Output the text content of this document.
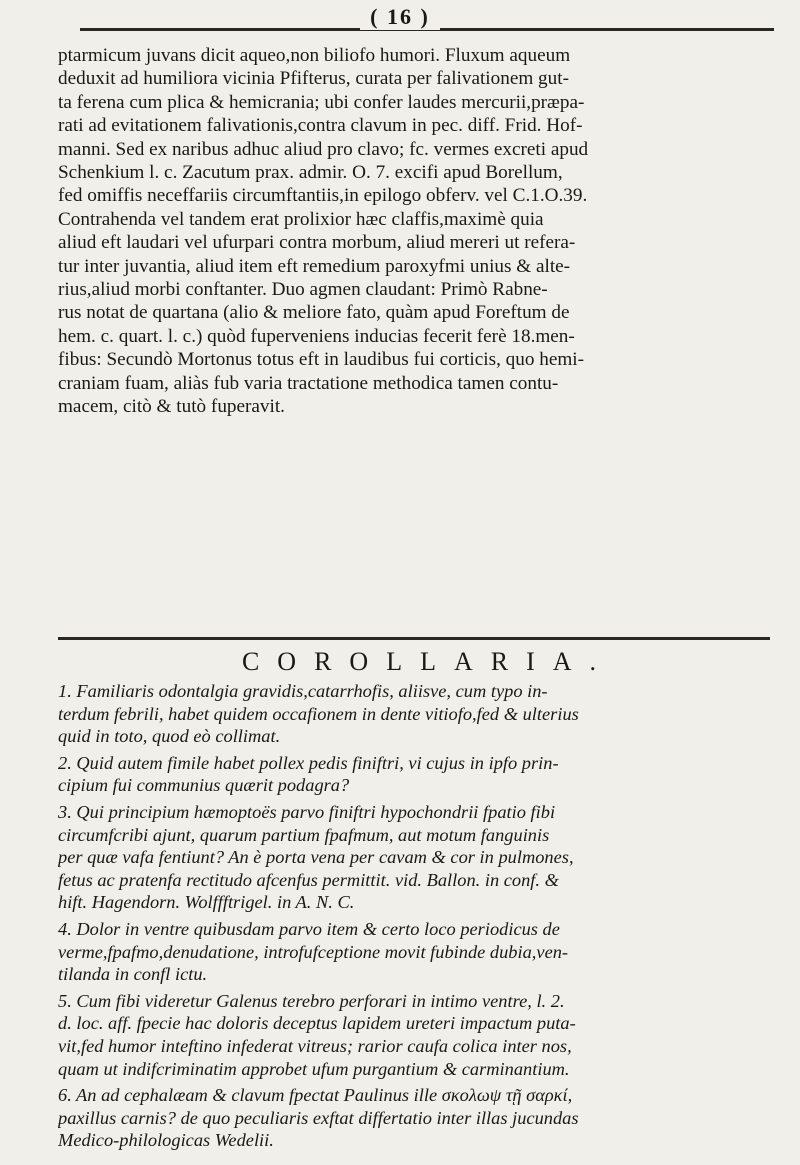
( 16 )
ptarmicum juvans dicit aqueo,non biliofo humori. Fluxum aqueum
deduxit ad humiliora vicinia Pfifterus, curata per falivationem gut-
ta ferena cum plica & hemicrania; ubi confer laudes mercurii,præpa-
rati ad evitationem falivationis,contra clavum in pec. diff. Frid. Hof-
manni. Sed ex naribus adhuc aliud pro clavo; fc. vermes excreti apud
Schenkium l. c. Zacutum prax. admir. O. 7. excifi apud Borellum,
fed omiffis neceffariis circumftantiis,in epilogo obferv. vel C.1.O.39.
Contrahenda vel tandem erat prolixior hæc claffis,maximè quia
aliud eft laudari vel ufurpari contra morbum, aliud mereri ut refera-
tur inter juvantia, aliud item eft remedium paroxyfmi unius & alte-
rius,aliud morbi conftanter. Duo agmen claudant: Primò Rabne-
rus notat de quartana (alio & meliore fato, quàm apud Foreftum de
hem. c. quart. l. c.) quòd fuperveniens inducias fecerit ferè 18.men-
fibus: Secundò Mortonus totus eft in laudibus fui corticis, quo hemi-
craniam fuam, aliàs fub varia tractatione methodica tamen contu-
macem, citò & tutò fuperavit.
COROLLARIA.
1. Familiaris odontalgia gravidis,catarrhofis, aliisve, cum typo in-
terdum febrili, habet quidem occafionem in dente vitiofo,fed & ulterius
quid in toto, quod eò collimat.
2. Quid autem fimile habet pollex pedis finiftri, vi cujus in ipfo prin-
cipium fui communius quærit podagra?
3. Qui principium hæmoptoës parvo finiftri hypochondrii fpatio fibi
circumfcribi ajunt, quarum partium fpafmum, aut motum fanguinis
per quæ vafa fentiunt? An è porta vena per cavam & cor in pulmones,
fetus ac pratenfa rectitudo afcenfus permittit. vid. Ballon. in conf. &
hift. Hagendorn. Wolffftrigel. in A. N. C.
4. Dolor in ventre quibusdam parvo item & certo loco periodicus de
verme,fpafmo,denudatione, introfufceptione movit fubinde dubia,ven-
tilanda in confl ictu.
5. Cum fibi videretur Galenus terebro perforari in intimo ventre, l. 2.
d. loc. aff. fpecie hac doloris deceptus lapidem ureteri impactum puta-
vit,fed humor inteftino infederat vitreus; rarior caufa colica inter nos,
quam ut indifcriminatim approbet ufum purgantium & carminantium.
6. An ad cephalæam & clavum fpectat Paulinus ille σκολωψ τῇ σαρκί,
paxillus carnis? de quo peculiaris exftat differtatio inter illas jucundas
Medico-philologicas Wedelii.
